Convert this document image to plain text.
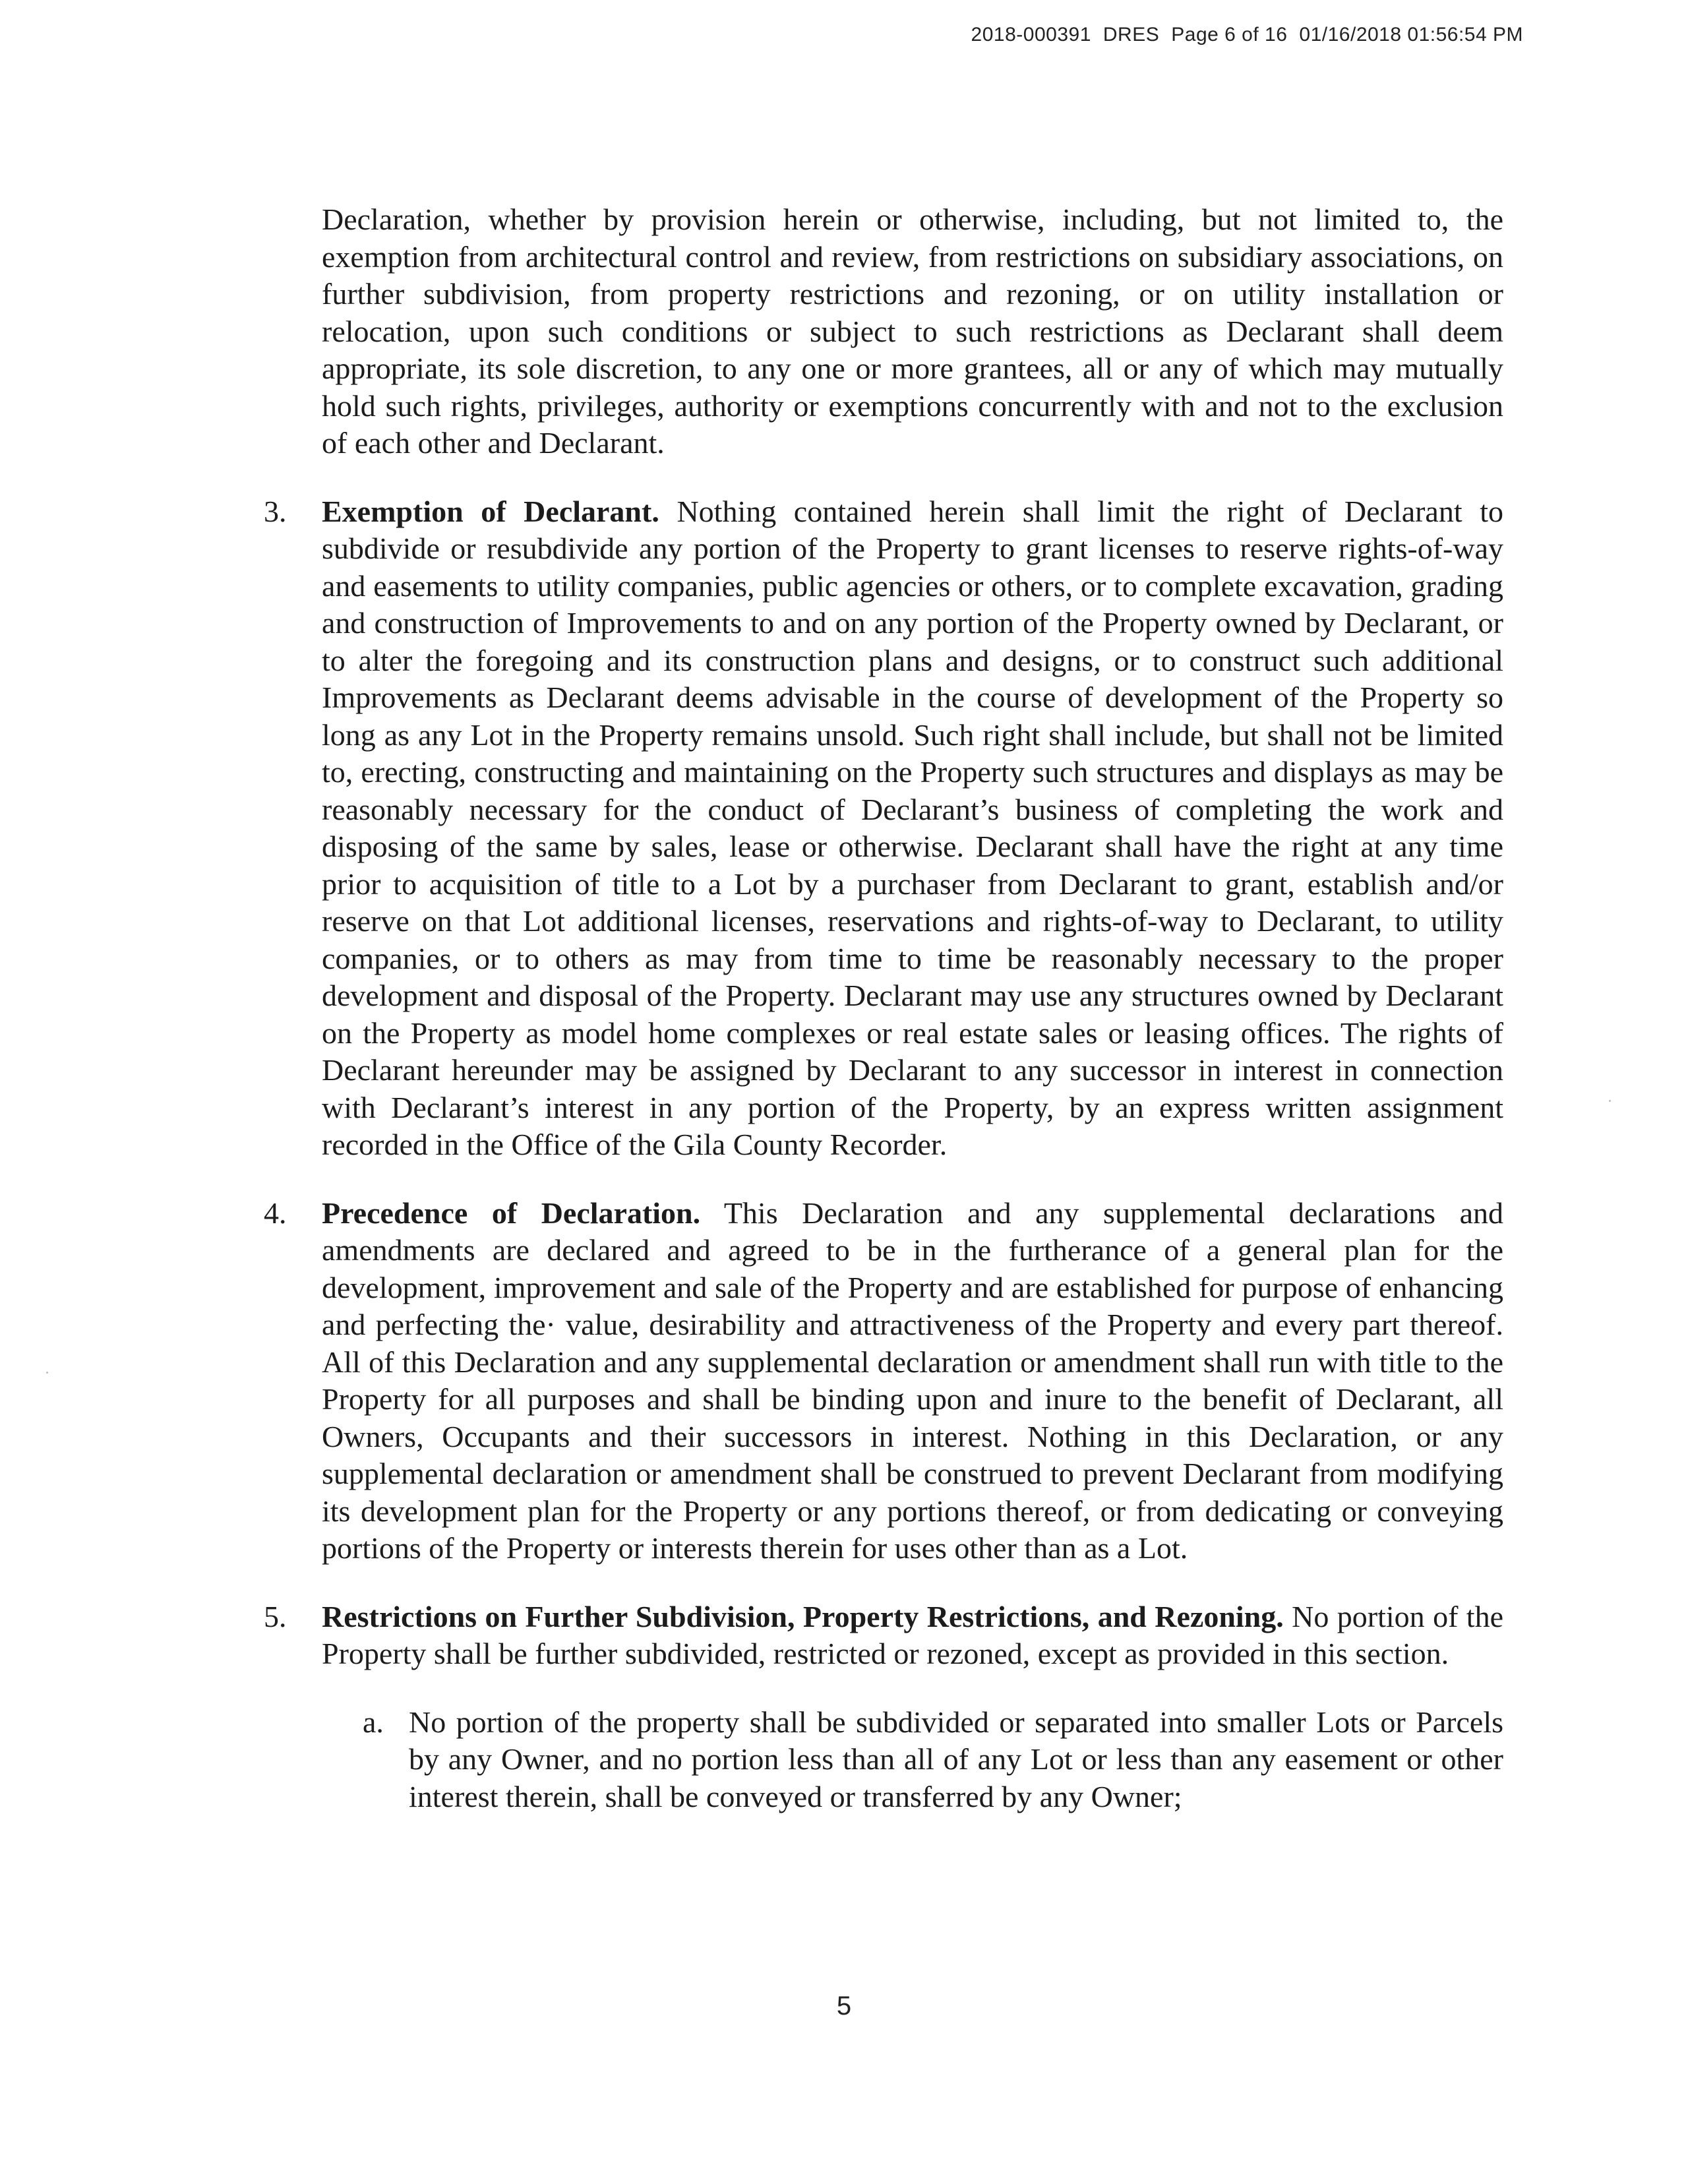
2018-000391 DRES Page 6 of 16 01/16/2018 01:56:54 PM

Declaration, whether by provision herein or otherwise, including, but not limited to, the exemption from architectural control and review, from restrictions on subsidiary associations, on further subdivision, from property restrictions and rezoning, or on utility installation or relocation, upon such conditions or subject to such restrictions as Declarant shall deem appropriate, its sole discretion, to any one or more grantees, all or any of which may mutually hold such rights, privileges, authority or exemptions concurrently with and not to the exclusion of each other and Declarant.

3. Exemption of Declarant. Nothing contained herein shall limit the right of Declarant to subdivide or resubdivide any portion of the Property to grant licenses to reserve rights-of-way and easements to utility companies, public agencies or others, or to complete excavation, grading and construction of Improvements to and on any portion of the Property owned by Declarant, or to alter the foregoing and its construction plans and designs, or to construct such additional Improvements as Declarant deems advisable in the course of development of the Property so long as any Lot in the Property remains unsold. Such right shall include, but shall not be limited to, erecting, constructing and maintaining on the Property such structures and displays as may be reasonably necessary for the conduct of Declarant’s business of completing the work and disposing of the same by sales, lease or otherwise. Declarant shall have the right at any time prior to acquisition of title to a Lot by a purchaser from Declarant to grant, establish and/or reserve on that Lot additional licenses, reservations and rights-of-way to Declarant, to utility companies, or to others as may from time to time be reasonably necessary to the proper development and disposal of the Property. Declarant may use any structures owned by Declarant on the Property as model home complexes or real estate sales or leasing offices. The rights of Declarant hereunder may be assigned by Declarant to any successor in interest in connection with Declarant’s interest in any portion of the Property, by an express written assignment recorded in the Office of the Gila County Recorder.

4. Precedence of Declaration. This Declaration and any supplemental declarations and amendments are declared and agreed to be in the furtherance of a general plan for the development, improvement and sale of the Property and are established for purpose of enhancing and perfecting the· value, desirability and attractiveness of the Property and every part thereof. All of this Declaration and any supplemental declaration or amendment shall run with title to the Property for all purposes and shall be binding upon and inure to the benefit of Declarant, all Owners, Occupants and their successors in interest. Nothing in this Declaration, or any supplemental declaration or amendment shall be construed to prevent Declarant from modifying its development plan for the Property or any portions thereof, or from dedicating or conveying portions of the Property or interests therein for uses other than as a Lot.

5. Restrictions on Further Subdivision, Property Restrictions, and Rezoning. No portion of the Property shall be further subdivided, restricted or rezoned, except as provided in this section.

a. No portion of the property shall be subdivided or separated into smaller Lots or Parcels by any Owner, and no portion less than all of any Lot or less than any easement or other interest therein, shall be conveyed or transferred by any Owner;

5
